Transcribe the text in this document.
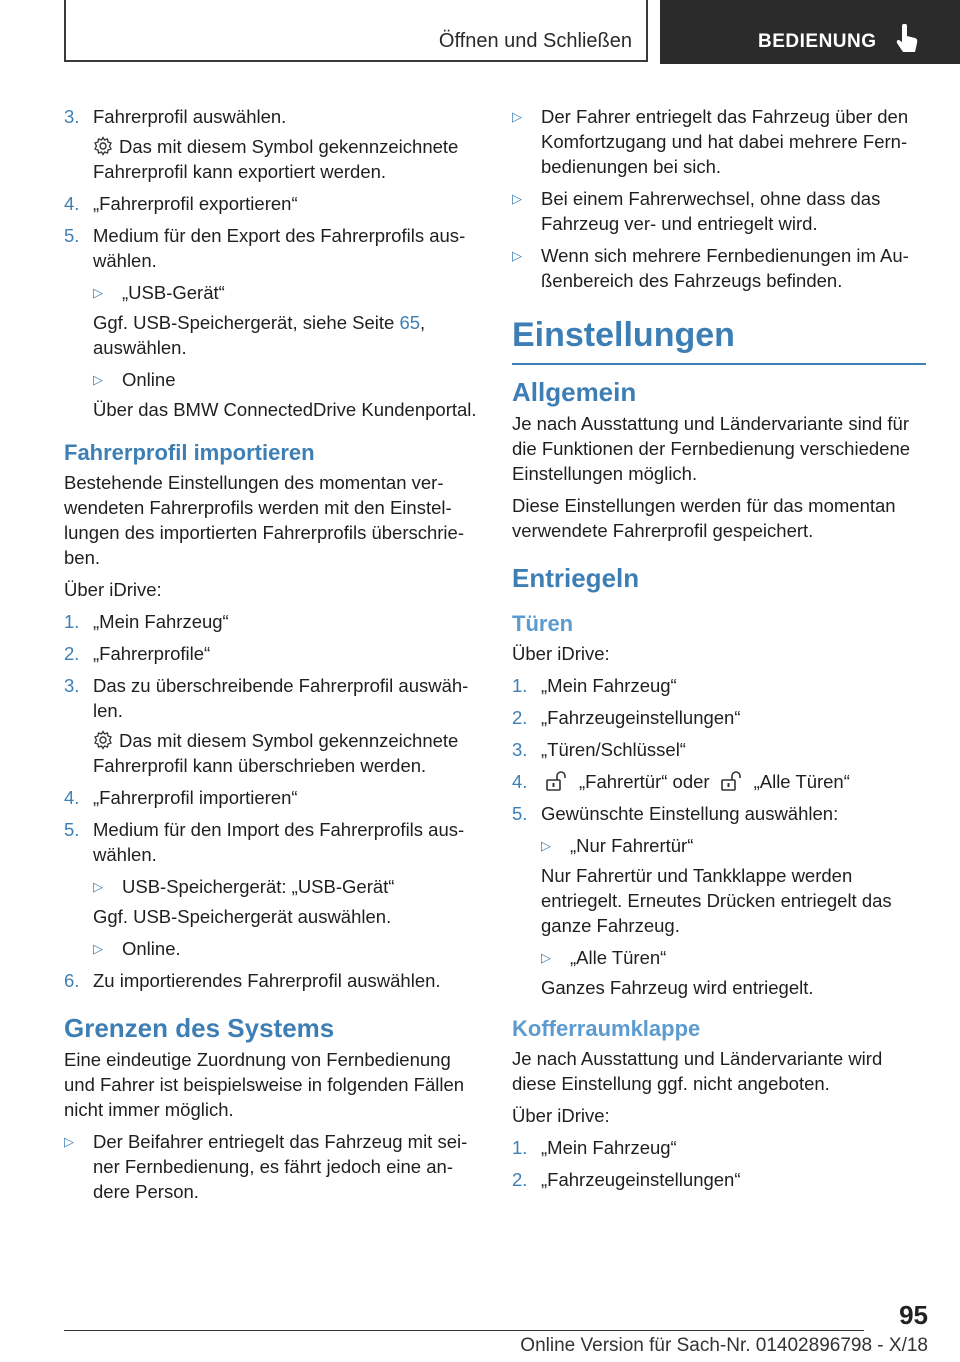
Öffnen und Schließen	BEDIENUNG
3. Fahrerprofil auswählen.
Das mit diesem Symbol gekennzeichnete Fahrerprofil kann exportiert werden.
4. „Fahrerprofil exportieren“
5. Medium für den Export des Fahrerprofils auswählen.
▷	„USB-Gerät“
Ggf. USB-Speichergerät, siehe Seite 65, auswählen.
▷	Online
Über das BMW ConnectedDrive Kundenportal.
Fahrerprofil importieren

Bestehende Einstellungen des momentan verwendeten Fahrerprofils werden mit den Einstellungen des importierten Fahrerprofils überschrieben.

Über iDrive:

1. „Mein Fahrzeug“
2. „Fahrerprofile“
3. Das zu überschreibende Fahrerprofil auswählen.
Das mit diesem Symbol gekennzeichnete Fahrerprofil kann überschrieben werden.
4. „Fahrerprofil importieren“
5. Medium für den Import des Fahrerprofils auswählen.
▷	USB-Speichergerät: „USB-Gerät“
Ggf. USB-Speichergerät auswählen.
▷	Online.
6. Zu importierendes Fahrerprofil auswählen.
Grenzen des Systems

Eine eindeutige Zuordnung von Fernbedienung und Fahrer ist beispielsweise in folgenden Fällen nicht immer möglich.

▷	Der Beifahrer entriegelt das Fahrzeug mit seiner Fernbedienung, es fährt jedoch eine andere Person.
▷	Der Fahrer entriegelt das Fahrzeug über den Komfortzugang und hat dabei mehrere Fernbedienungen bei sich.
▷	Bei einem Fahrerwechsel, ohne dass das Fahrzeug ver- und entriegelt wird.
▷	Wenn sich mehrere Fernbedienungen im Außenbereich des Fahrzeugs befinden.
Einstellungen
Allgemein

Je nach Ausstattung und Ländervariante sind für die Funktionen der Fernbedienung verschiedene Einstellungen möglich.

Diese Einstellungen werden für das momentan verwendete Fahrerprofil gespeichert.

Entriegeln
Türen

Über iDrive:

1. „Mein Fahrzeug“
2. „Fahrzeugeinstellungen“
3. „Türen/Schlüssel“
4.	„Fahrertür“ oder „Alle Türen“
5. Gewünschte Einstellung auswählen:
▷	„Nur Fahrertür“
Nur Fahrertür und Tankklappe werden entriegelt. Erneutes Drücken entriegelt das ganze Fahrzeug.
▷	„Alle Türen“
Ganzes Fahrzeug wird entriegelt.
Kofferraumklappe

Je nach Ausstattung und Ländervariante wird diese Einstellung ggf. nicht angeboten.

Über iDrive:

1. „Mein Fahrzeug“
2. „Fahrzeugeinstellungen“
95
Online Version für Sach-Nr. 01402896798 - X/18
